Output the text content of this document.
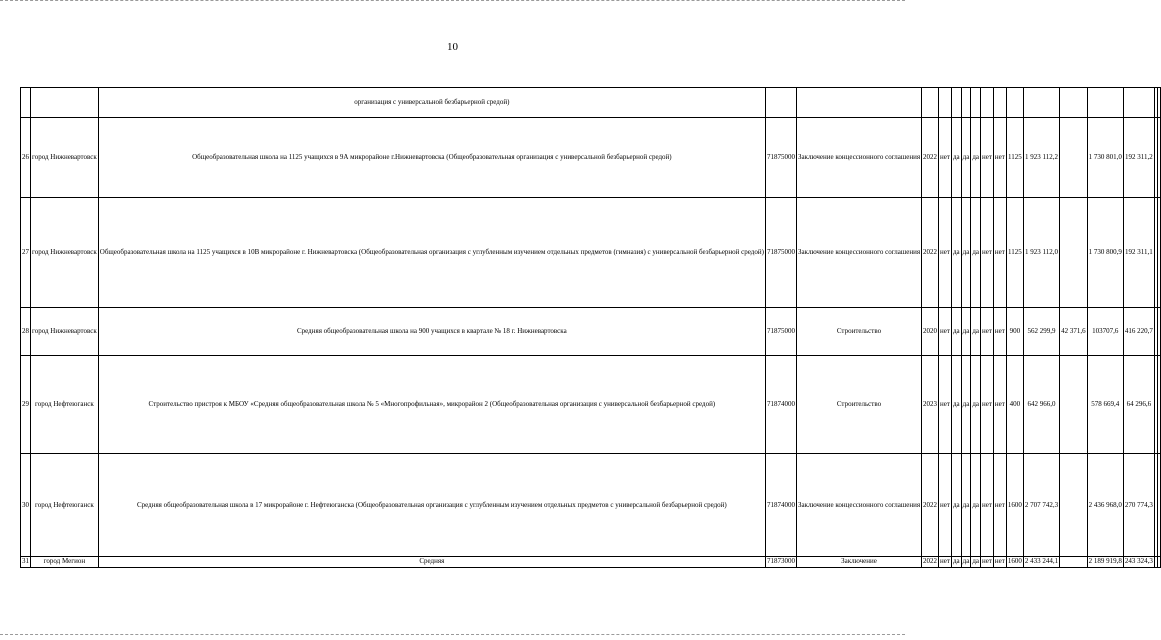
10
		организация с универсальной безбарьерной средой)																
26	город Нижневартовск	Общеобразовательная школа на 1125 учащихся в 9А микрорайоне г.Нижневартовска (Общеобразовательная организация с универсальной безбарьерной средой)	71875000	Заключение концессионного соглашения	2022	нет	да	да	да	нет	нет	1125	1 923 112,2		1 730 801,0	192 311,2		
27	город Нижневартовск	Общеобразовательная школа на 1125 учащихся в 10В микрорайоне г. Нижневартовска (Общеобразовательная организация с углубленным изучением отдельных предметов (гимназия) с универсальной безбарьерной средой)	71875000	Заключение концессионного соглашения	2022	нет	да	да	да	нет	нет	1125	1 923 112,0		1 730 800,9	192 311,1		
28	город Нижневартовск	Средняя общеобразовательная школа на 900 учащихся в квартале № 18 г. Нижневартовска	71875000	Строительство	2020	нет	да	да	да	нет	нет	900	562 299,9	42 371,6	103707,6	416 220,7		
29	город Нефтеюганск	Строительство пристроя к МБОУ «Средняя общеобразовательная школа № 5 «Многопрофильная», микрорайон 2 (Общеобразовательная организация с универсальной безбарьерной средой)	71874000	Строительство	2023	нет	да	да	да	нет	нет	400	642 966,0		578 669,4	64 296,6		
30	город Нефтеюганск	Средняя общеобразовательная школа в 17 микрорайоне г. Нефтеюганска (Общеобразовательная организация с углубленным изучением отдельных предметов с универсальной безбарьерной средой)	71874000	Заключение концессионного соглашения	2022	нет	да	да	да	нет	нет	1600	2 707 742,3		2 436 968,0	270 774,3		
31	город Мегион	Средняя	71873000	Заключение	2022	нет	да	да	да	нет	нет	1600	2 433 244,1		2 189 919,8	243 324,3		
